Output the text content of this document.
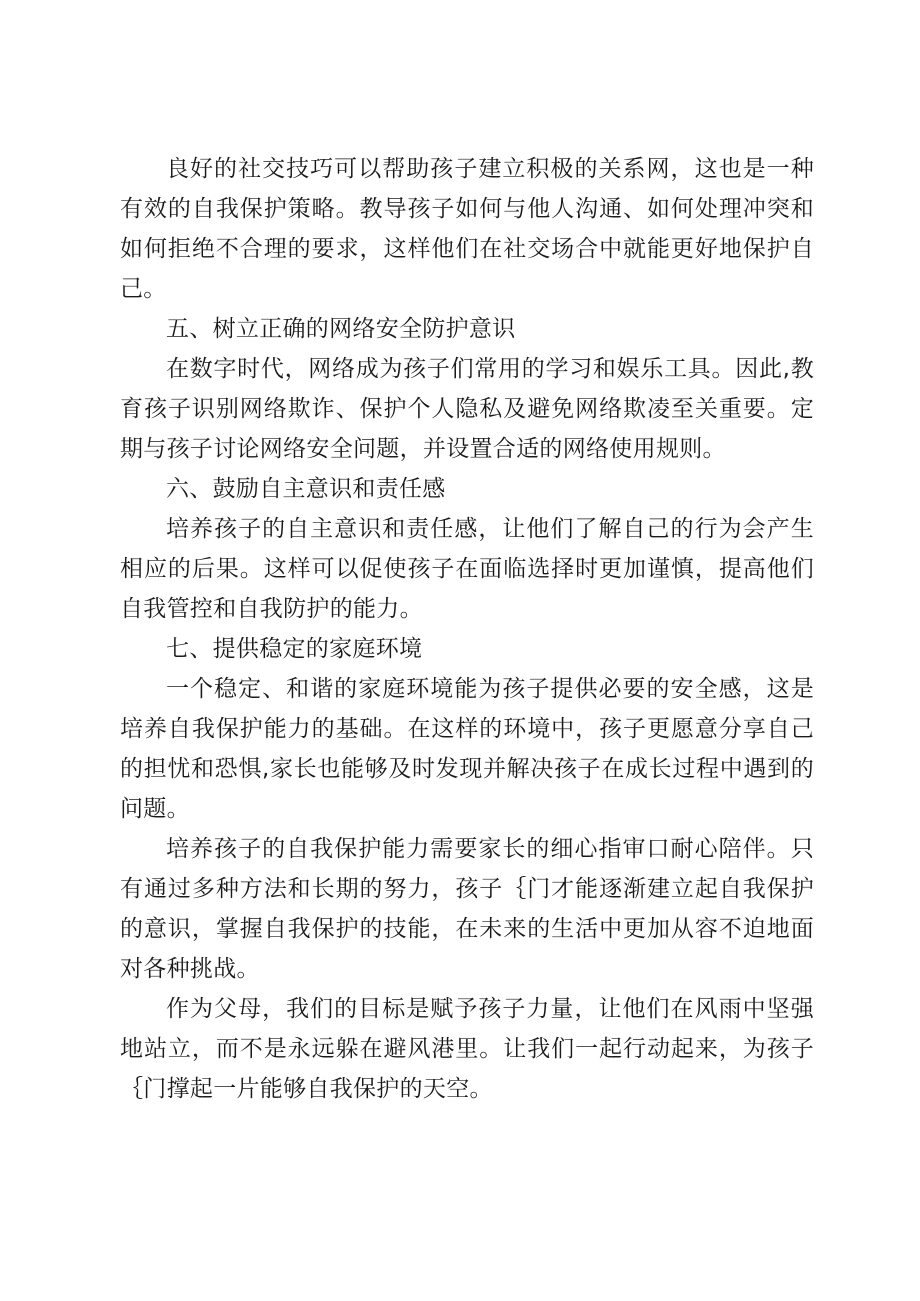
良好的社交技巧可以帮助孩子建立积极的关系网，这也是一种有效的自我保护策略。教导孩子如何与他人沟通、如何处理冲突和如何拒绝不合理的要求，这样他们在社交场合中就能更好地保护自己。

五、树立正确的网络安全防护意识

在数字时代，网络成为孩子们常用的学习和娱乐工具。因此,教育孩子识别网络欺诈、保护个人隐私及避免网络欺凌至关重要。定期与孩子讨论网络安全问题，并设置合适的网络使用规则。

六、鼓励自主意识和责任感

培养孩子的自主意识和责任感，让他们了解自己的行为会产生相应的后果。这样可以促使孩子在面临选择时更加谨慎，提高他们自我管控和自我防护的能力。

七、提供稳定的家庭环境

一个稳定、和谐的家庭环境能为孩子提供必要的安全感，这是培养自我保护能力的基础。在这样的环境中，孩子更愿意分享自己的担忧和恐惧,家长也能够及时发现并解决孩子在成长过程中遇到的问题。

培养孩子的自我保护能力需要家长的细心指审口耐心陪伴。只有通过多种方法和长期的努力，孩子｛门才能逐渐建立起自我保护的意识，掌握自我保护的技能，在未来的生活中更加从容不迫地面对各种挑战。

作为父母，我们的目标是赋予孩子力量，让他们在风雨中坚强地站立，而不是永远躲在避风港里。让我们一起行动起来，为孩子｛门撑起一片能够自我保护的天空。
